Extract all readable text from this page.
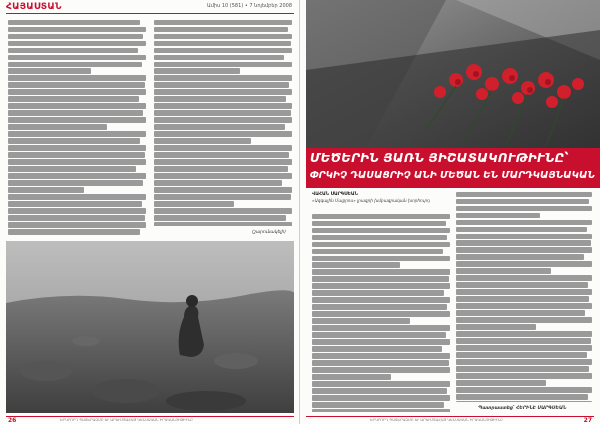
ՀԱՅԱՍՏԱՆ	Ամիս 10 (581) • 7 նոյեմբեր 2008
(շարունակելի)
26	ԵՐԿՐՈՐԴ ՊԱՏԵՐԱԶՄԸ ԵՒ ԱՐԵՒՄՏԱՀԱՅ ԿԵՆՍԱԿԱՆ ԻՐԱԿԱՆՈՒԹԻՒՆԸ
ՄԵԾԵՐԻՆ ՅԱՌՆ ՅԻՇԱՏԱԿՈՒԹԻՒՆԸ՝
ՓՐԿԻՉ ԴԱՍԱՑՐԻՉ ԱՆԻ ՄԵԾԱՆ ԵՆ ՄԱՐԴԿԱՅՆԱԿԱՆ
ՎԱՀԱՆ ՍԱՐԳՍԵԱՆ
«Ազգային Մաքրոս» լրագրի խմբագրական խորհուրդ
Պատրաստեց՝ ՀԵՐԻՆԷ ՍԱՐԳՍԵԱՆ
ԵՐԿՐՈՐԴ ՊԱՏԵՐԱԶՄԸ ԵՒ ԱՐԵՒՄՏԱՀԱՅ ԿԵՆՍԱԿԱՆ ԻՐԱԿԱՆՈՒԹԻՒՆԸ	27
